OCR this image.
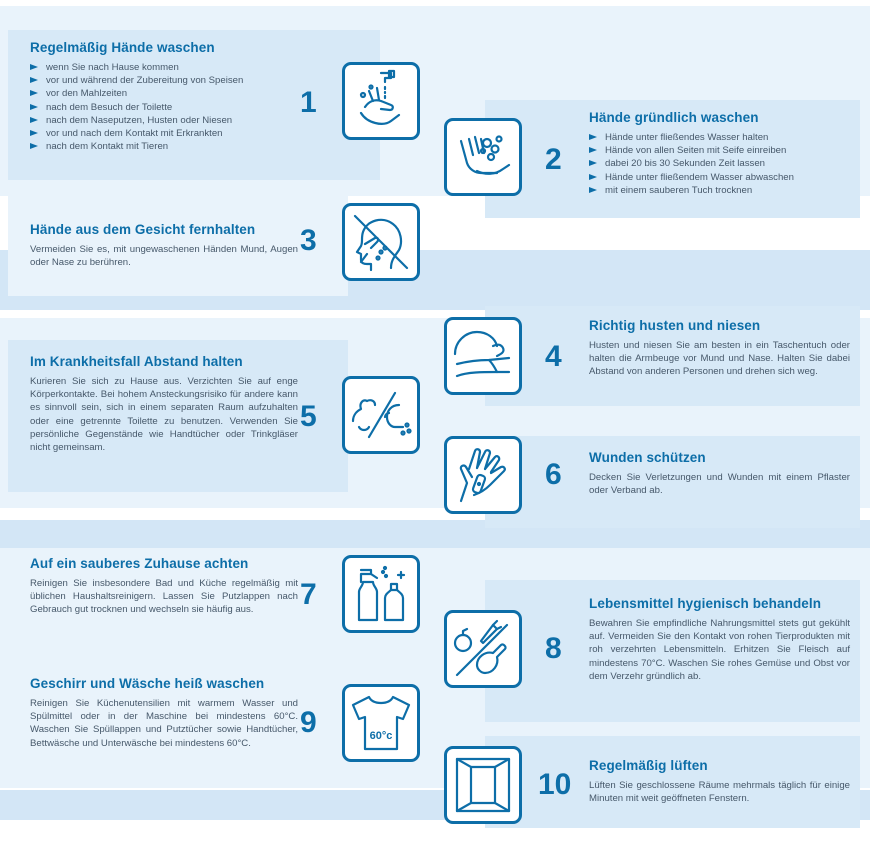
Regelmäßig Hände waschen
wenn Sie nach Hause kommen
vor und während der Zubereitung von Speisen
vor den Mahlzeiten
nach dem Besuch der Toilette
nach dem Naseputzen, Husten oder Niesen
vor und nach dem Kontakt mit Erkrankten
nach dem Kontakt mit Tieren
1	Hände gründlich waschen
Hände unter fließendes Wasser halten
Hände von allen Seiten mit Seife einreiben
dabei 20 bis 30 Sekunden Zeit lassen
Hände unter fließendem Wasser abwaschen
mit einem sauberen Tuch trocknen
2
Hände aus dem Gesicht fernhalten

Vermeiden Sie es, mit ungewaschenen Händen Mund, Augen oder Nase zu berühren.

3
Richtig husten und niesen

Husten und niesen Sie am besten in ein Taschentuch oder halten die Armbeuge vor Mund und Nase. Halten Sie dabei Abstand von anderen Personen und drehen sich weg.

4
Im Krankheitsfall Abstand halten

Kurieren Sie sich zu Hause aus. Verzichten Sie auf enge Körperkontakte. Bei hohem Ansteckungsrisiko für andere kann es sinnvoll sein, sich in einem separaten Raum aufzuhalten oder eine getrennte Toilette zu benutzen. Verwenden Sie persönliche Gegenstände wie Handtücher oder Trinkgläser nicht gemeinsam.

5
Wunden schützen

Decken Sie Verletzungen und Wunden mit einem Pflaster oder Verband ab.

6
Auf ein sauberes Zuhause achten

Reinigen Sie insbesondere Bad und Küche regelmäßig mit üblichen Haushaltsreinigern. Lassen Sie Putzlappen nach Gebrauch gut trocknen und wechseln sie häufig aus.	7	Lebensmittel hygienisch behandeln

Bewahren Sie empfindliche Nahrungsmittel stets gut gekühlt auf. Vermeiden Sie den Kontakt von rohen Tierprodukten mit roh verzehrten Lebensmitteln. Erhitzen Sie Fleisch auf mindestens 70°C. Waschen Sie rohes Gemüse und Obst vor dem Verzehr gründlich ab.

8
Geschirr und Wäsche heiß waschen

Reinigen Sie Küchenutensilien mit warmem Wasser und Spülmittel oder in der Maschine bei mindestens 60°C. Waschen Sie Spüllappen und Putztücher sowie Handtücher, Bettwäsche und Unterwäsche bei mindestens 60°C.

9	60°c
Regelmäßig lüften

Lüften Sie geschlossene Räume mehrmals täglich für einige Minuten mit weit geöffneten Fenstern.

10
